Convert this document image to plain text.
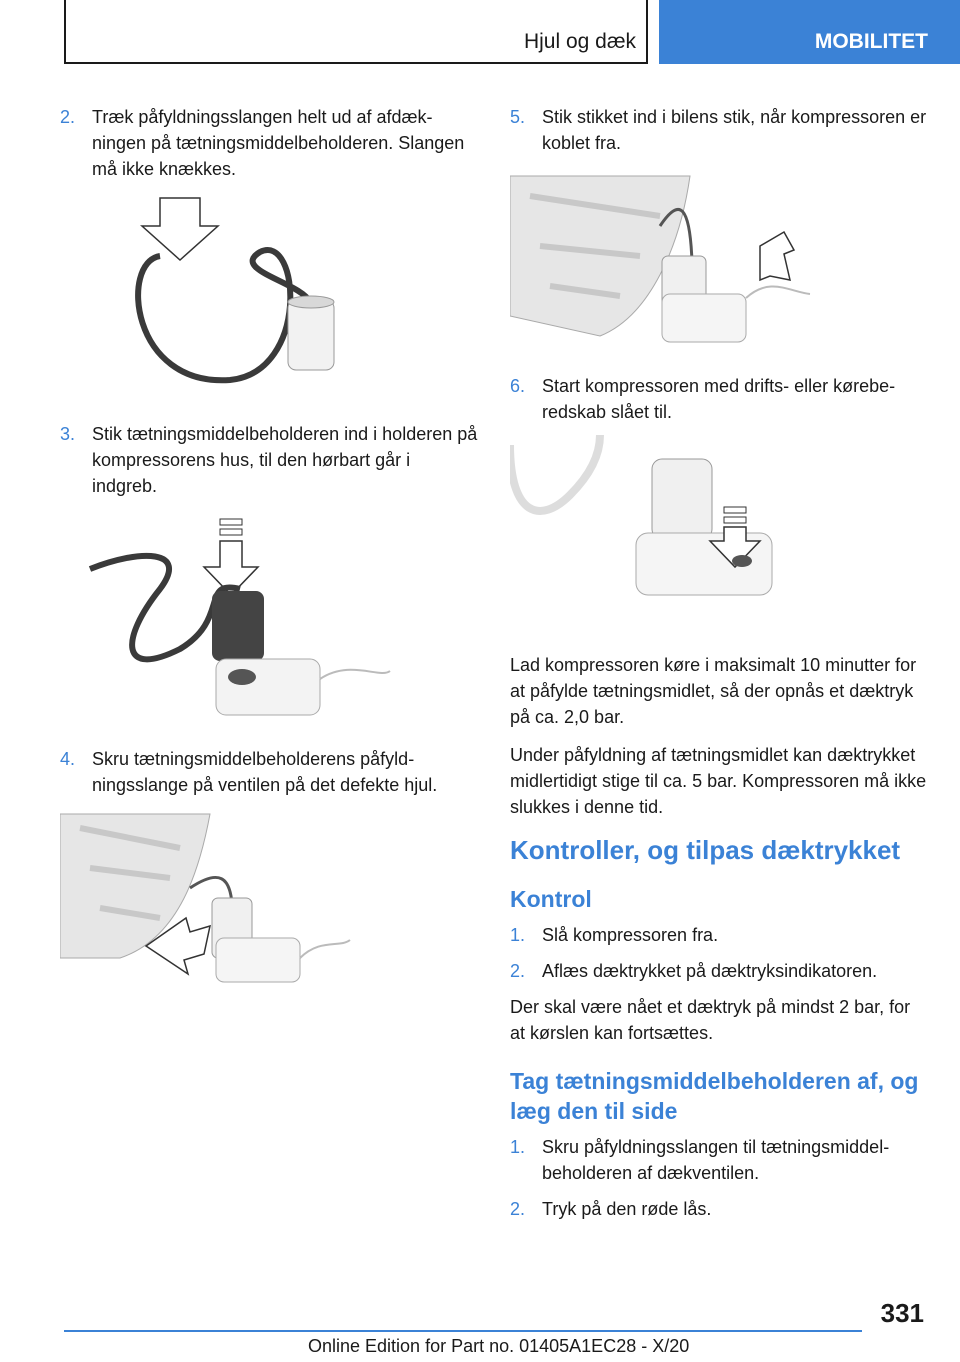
Hjul og dæk	MOBILITET
2. Træk påfyldningsslangen helt ud af afdækningen på tætningsmiddelbeholderen. Slangen må ikke knækkes.
3. Stik tætningsmiddelbeholderen ind i holderen på kompressorens hus, til den hørbart går i indgreb.
4. Skru tætningsmiddelbeholderens påfyldningsslange på ventilen på det defekte hjul.
5. Stik stikket ind i bilens stik, når kompressoren er koblet fra.
6. Start kompressoren med drifts- eller køreberedskab slået til.

Lad kompressoren køre i maksimalt 10 minutter for at påfylde tætningsmidlet, så der opnås et dæktryk på ca. 2,0 bar.

Under påfyldning af tætningsmidlet kan dæktrykket midlertidigt stige til ca. 5 bar. Kompressoren må ikke slukkes i denne tid.

Kontroller, og tilpas dæktrykket
Kontrol
1. Slå kompressoren fra.
2. Aflæs dæktrykket på dæktryksindikatoren.

Der skal være nået et dæktryk på mindst 2 bar, for at kørslen kan fortsættes.

Tag tætningsmiddelbeholderen af, og læg den til side
1. Skru påfyldningsslangen til tætningsmiddelbeholderen af dækventilen.
2. Tryk på den røde lås.
331
Online Edition for Part no. 01405A1EC28 - X/20
